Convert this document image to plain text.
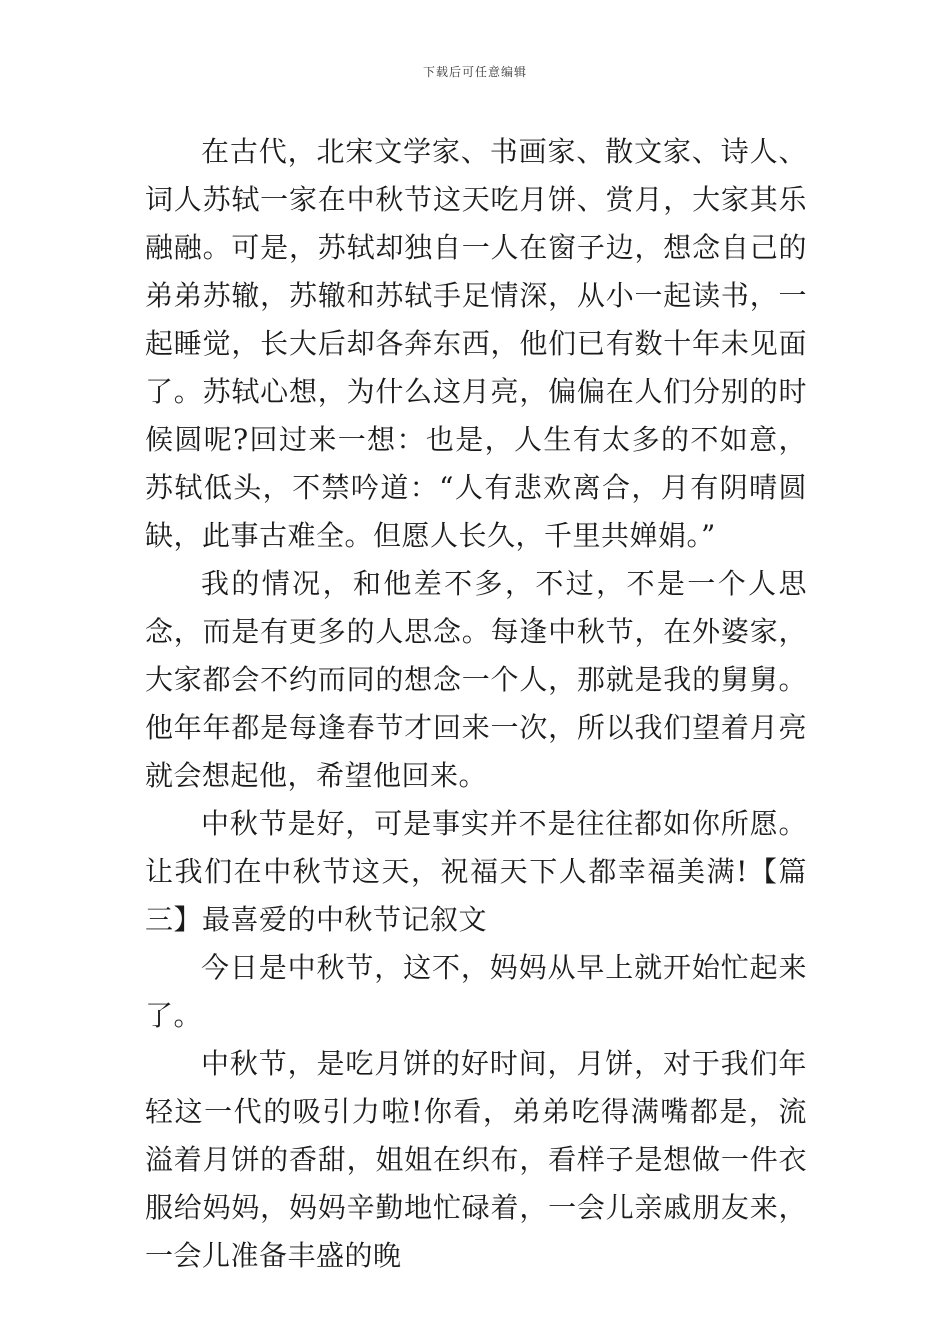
下载后可任意编辑

在古代，北宋文学家、书画家、散文家、诗人、词人苏轼一家在中秋节这天吃月饼、赏月，大家其乐融融。可是，苏轼却独自一人在窗子边，想念自己的弟弟苏辙，苏辙和苏轼手足情深，从小一起读书，一起睡觉，长大后却各奔东西，他们已有数十年未见面了。苏轼心想，为什么这月亮，偏偏在人们分别的时候圆呢?回过来一想：也是，人生有太多的不如意，苏轼低头，不禁吟道：“人有悲欢离合，月有阴晴圆缺，此事古难全。但愿人长久，千里共婵娟。”

我的情况，和他差不多，不过，不是一个人思念，而是有更多的人思念。每逢中秋节，在外婆家，大家都会不约而同的想念一个人，那就是我的舅舅。他年年都是每逢春节才回来一次，所以我们望着月亮就会想起他，希望他回来。

中秋节是好，可是事实并不是往往都如你所愿。让我们在中秋节这天，祝福天下人都幸福美满!【篇三】最喜爱的中秋节记叙文

今日是中秋节，这不，妈妈从早上就开始忙起来了。

中秋节，是吃月饼的好时间，月饼，对于我们年轻这一代的吸引力啦!你看，弟弟吃得满嘴都是，流溢着月饼的香甜，姐姐在织布，看样子是想做一件衣服给妈妈，妈妈辛勤地忙碌着，一会儿亲戚朋友来，一会儿准备丰盛的晚
